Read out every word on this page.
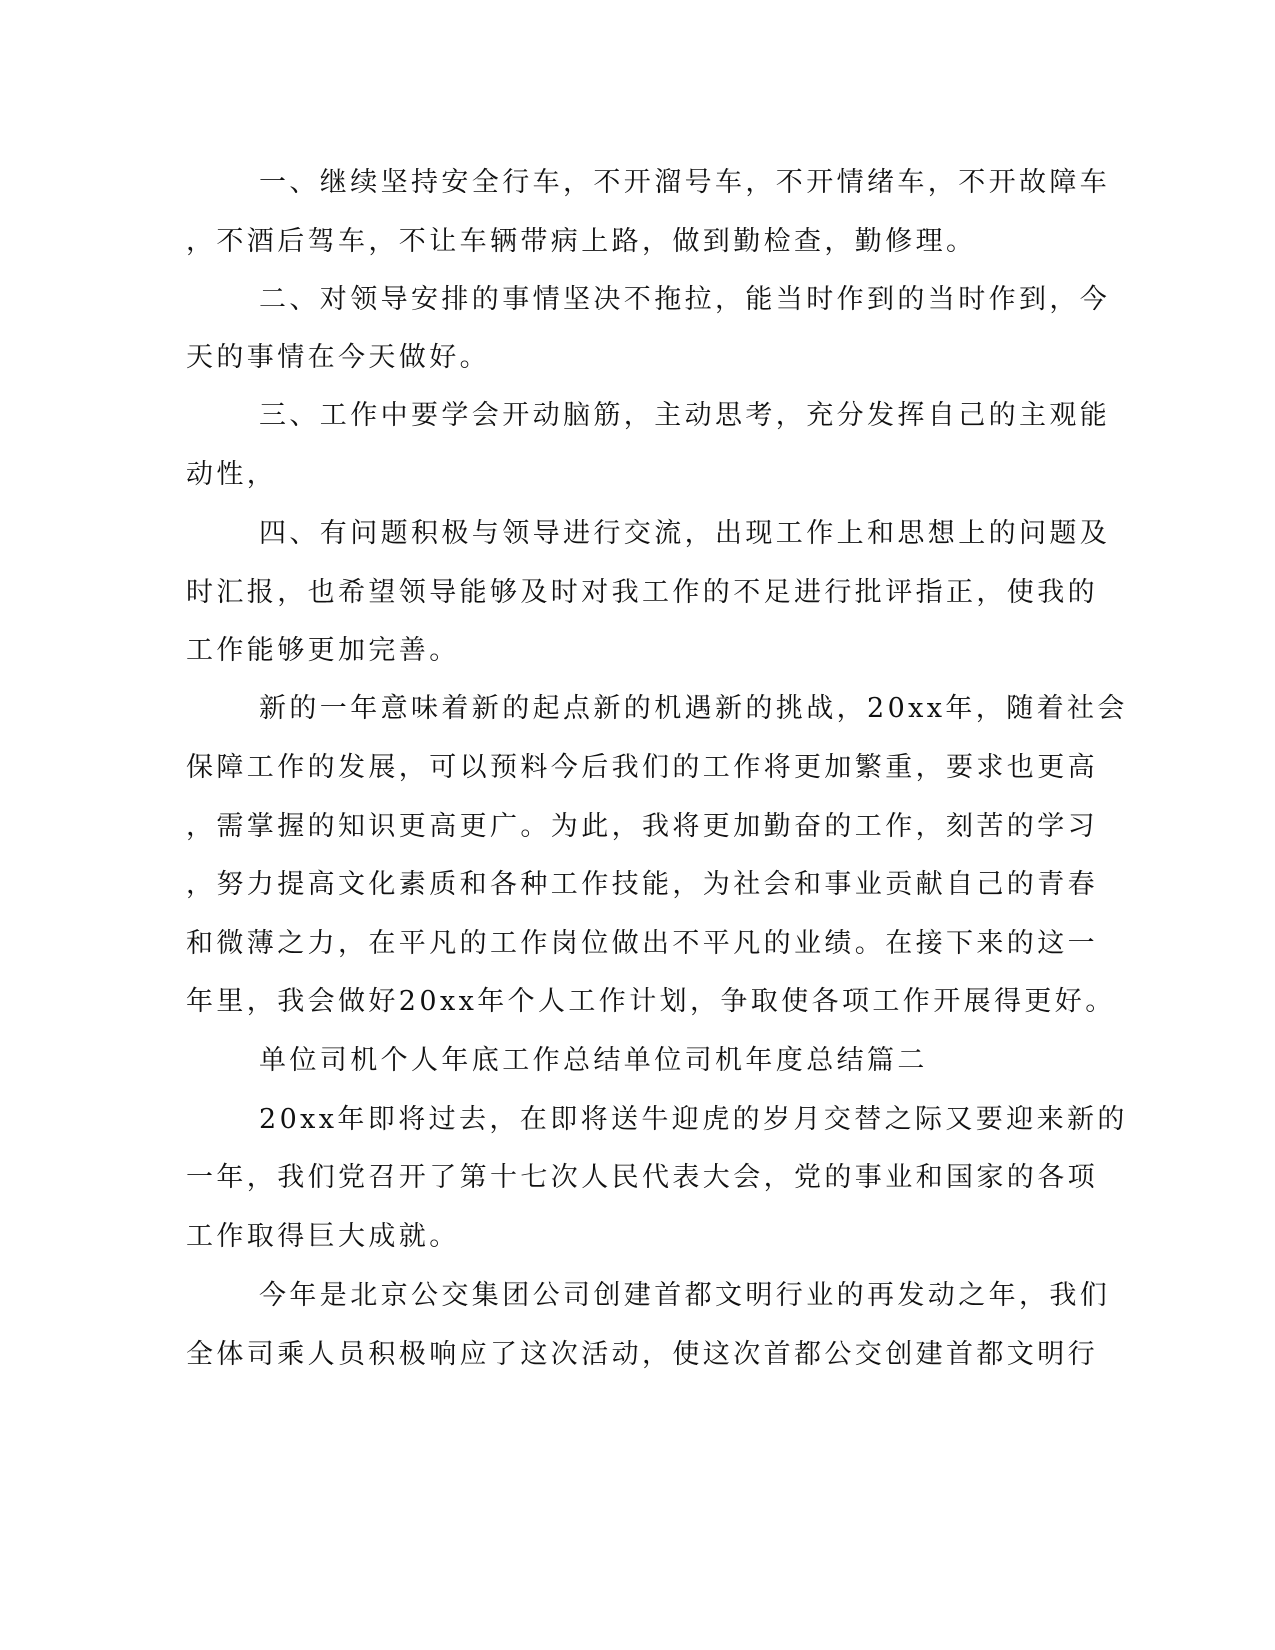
一、继续坚持安全行车，不开溜号车，不开情绪车，不开故障车
，不酒后驾车，不让车辆带病上路，做到勤检查，勤修理。
二、对领导安排的事情坚决不拖拉，能当时作到的当时作到，今
天的事情在今天做好。
三、工作中要学会开动脑筋，主动思考，充分发挥自己的主观能
动性，
四、有问题积极与领导进行交流，出现工作上和思想上的问题及
时汇报，也希望领导能够及时对我工作的不足进行批评指正，使我的
工作能够更加完善。
新的一年意味着新的起点新的机遇新的挑战，20xx年，随着社会
保障工作的发展，可以预料今后我们的工作将更加繁重，要求也更高
，需掌握的知识更高更广。为此，我将更加勤奋的工作，刻苦的学习
，努力提高文化素质和各种工作技能，为社会和事业贡献自己的青春
和微薄之力，在平凡的工作岗位做出不平凡的业绩。在接下来的这一
年里，我会做好20xx年个人工作计划，争取使各项工作开展得更好。
单位司机个人年底工作总结单位司机年度总结篇二
20xx年即将过去，在即将送牛迎虎的岁月交替之际又要迎来新的
一年，我们党召开了第十七次人民代表大会，党的事业和国家的各项
工作取得巨大成就。
今年是北京公交集团公司创建首都文明行业的再发动之年，我们
全体司乘人员积极响应了这次活动，使这次首都公交创建首都文明行
